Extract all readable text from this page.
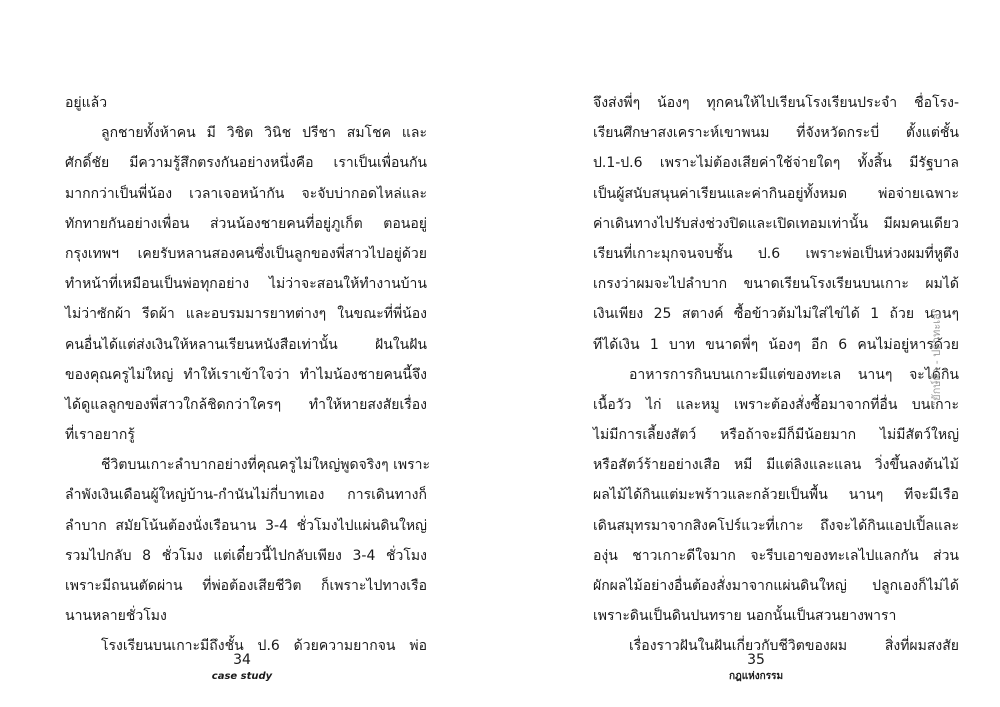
อยู่แล้ว
ลูกชายทั้งห้าคน มี วิชิต วินิช ปรีชา สมโชค และ
ศักดิ์ชัย มีความรู้สึกตรงกันอย่างหนึ่งคือ เราเป็นเพื่อนกัน
มากกว่าเป็นพี่น้อง เวลาเจอหน้ากัน จะจับบ่ากอดไหล่และ
ทักทายกันอย่างเพื่อน ส่วนน้องชายคนที่อยู่ภูเก็ต ตอนอยู่
กรุงเทพฯ เคยรับหลานสองคนซึ่งเป็นลูกของพี่สาวไปอยู่ด้วย
ทำหน้าที่เหมือนเป็นพ่อทุกอย่าง ไม่ว่าจะสอนให้ทำงานบ้าน
ไม่ว่าซักผ้า รีดผ้า และอบรมมารยาทต่างๆ ในขณะที่พี่น้อง
คนอื่นได้แต่ส่งเงินให้หลานเรียนหนังสือเท่านั้น ฝันในฝัน
ของคุณครูไม่ใหญ่ ทำให้เราเข้าใจว่า ทำไมน้องชายคนนี้จึง
ได้ดูแลลูกของพี่สาวใกล้ชิดกว่าใครๆ ทำให้หายสงสัยเรื่อง
ที่เราอยากรู้
ชีวิตบนเกาะลำบากอย่างที่คุณครูไม่ใหญ่พูดจริงๆ เพราะ
ลำพังเงินเดือนผู้ใหญ่บ้าน-กำนันไม่กี่บาทเอง การเดินทางก็
ลำบาก สมัยโน้นต้องนั่งเรือนาน 3-4 ชั่วโมงไปแผ่นดินใหญ่
รวมไปกลับ 8 ชั่วโมง แต่เดี๋ยวนี้ไปกลับเพียง 3-4 ชั่วโมง
เพราะมีถนนตัดผ่าน ที่พ่อต้องเสียชีวิต ก็เพราะไปทางเรือ
นานหลายชั่วโมง
โรงเรียนบนเกาะมีถึงชั้น ป.6 ด้วยความยากจน พ่อ
34
case study
จึงส่งพี่ๆ น้องๆ ทุกคนให้ไปเรียนโรงเรียนประจำ ชื่อโรง-
เรียนศึกษาสงเคราะห์เขาพนม ที่จังหวัดกระบี่ ตั้งแต่ชั้น
ป.1-ป.6 เพราะไม่ต้องเสียค่าใช้จ่ายใดๆ ทั้งสิ้น มีรัฐบาล
เป็นผู้สนับสนุนค่าเรียนและค่ากินอยู่ทั้งหมด พ่อจ่ายเฉพาะ
ค่าเดินทางไปรับส่งช่วงปิดและเปิดเทอมเท่านั้น มีผมคนเดียว
เรียนที่เกาะมุกจนจบชั้น ป.6 เพราะพ่อเป็นห่วงผมที่หูตึง
เกรงว่าผมจะไปลำบาก ขนาดเรียนโรงเรียนบนเกาะ ผมได้
เงินเพียง 25 สตางค์ ซื้อข้าวต้มไม่ใส่ไข่ได้ 1 ถ้วย นานๆ
ทีได้เงิน 1 บาท ขนาดพี่ๆ น้องๆ อีก 6 คนไม่อยู่หารด้วย
อาหารการกินบนเกาะมีแต่ของทะเล นานๆ จะได้กิน
เนื้อวัว ไก่ และหมู เพราะต้องสั่งซื้อมาจากที่อื่น บนเกาะ
ไม่มีการเลี้ยงสัตว์ หรือถ้าจะมีก็มีน้อยมาก ไม่มีสัตว์ใหญ่
หรือสัตว์ร้ายอย่างเสือ หมี มีแต่ลิงและแลน วิ่งขึ้นลงต้นไม้
ผลไม้ได้กินแต่มะพร้าวและกล้วยเป็นพื้น นานๆ ทีจะมีเรือ
เดินสมุทรมาจากสิงคโปร์แวะที่เกาะ ถึงจะได้กินแอปเปิ้ลและ
องุ่น ชาวเกาะดีใจมาก จะรีบเอาของทะเลไปแลกกัน ส่วน
ผักผลไม้อย่างอื่นต้องสั่งมาจากแผ่นดินใหญ่ ปลูกเองก็ไม่ได้
เพราะดินเป็นดินปนทราย นอกนั้นเป็นสวนยางพารา
เรื่องราวฝันในฝันเกี่ยวกับชีวิตของผม สิ่งที่ผมสงสัย
35
กฎแห่งกรรม
"ยักษ์ผ้า - ปลาทะเล"
